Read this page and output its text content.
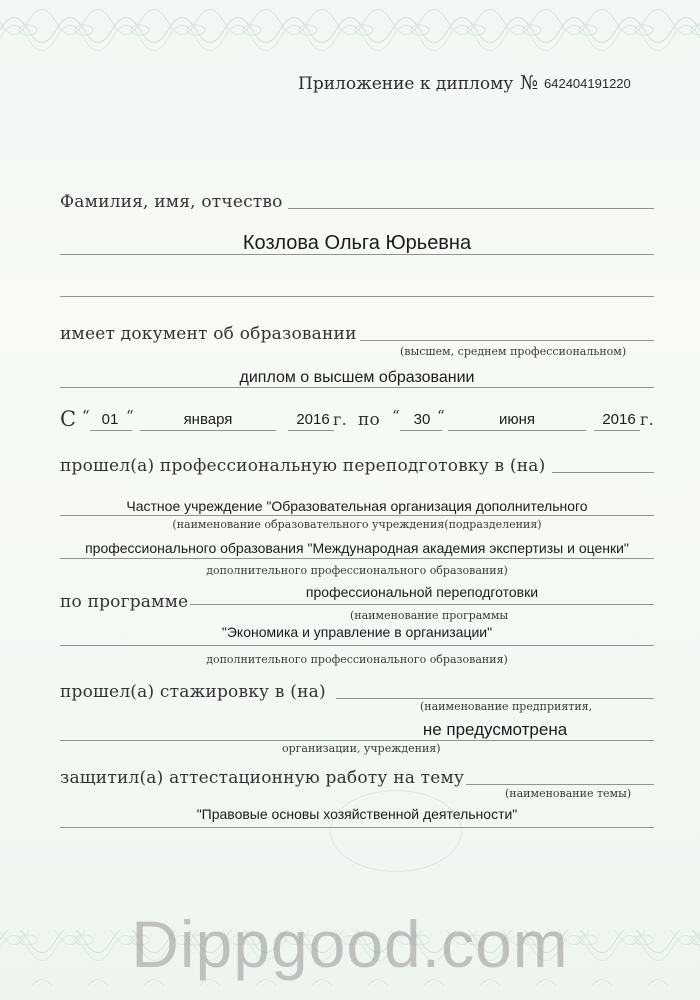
Приложение к диплому № 642404191220
Фамилия, имя, отчество
Козлова Ольга Юрьевна
имеет документ об образовании
(высшем, среднем профессиональном)
диплом о высшем образовании
С “ 01 “	января	2016 г. по “ 30 “	июня	2016 г.
прошел(а) профессиональную переподготовку в (на)
Частное учреждение "Образовательная организация дополнительного
(наименование образовательного учреждения(подразделения)
профессионального образования "Международная академия экспертизы и оценки"
дополнительного профессионального образования)
по программе	профессиональной переподготовки
(наименование программы
"Экономика и управление в организации"
дополнительного профессионального образования)
прошел(а) стажировку в (на)
(наименование предприятия,
не предусмотрена
организации, учреждения)
защитил(а) аттестационную работу на тему
(наименование темы)
"Правовые основы хозяйственной деятельности"
Dippgood.com
